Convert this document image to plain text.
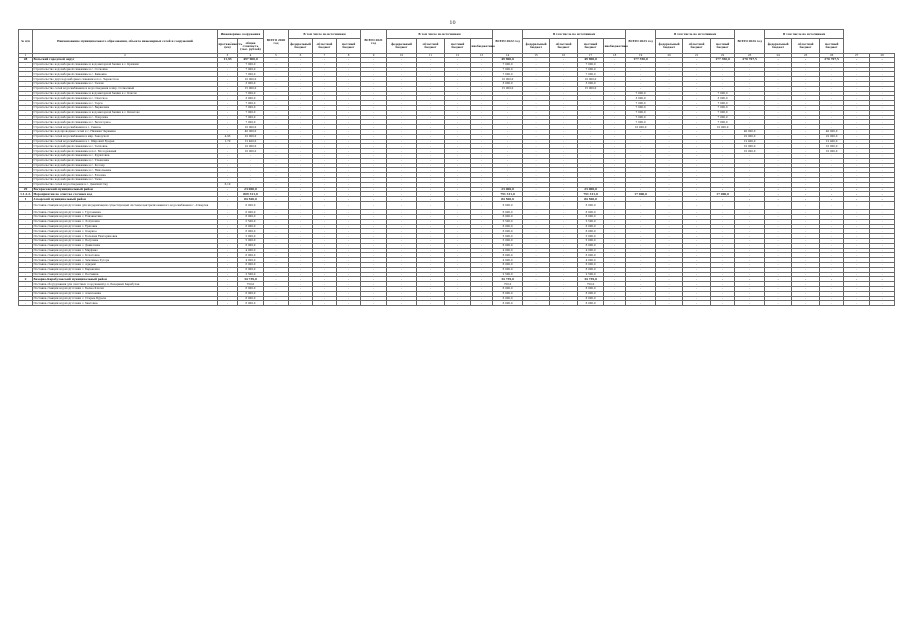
10
№ п/п	Наименование муниципального образования, объекта инженерных сетей и сооружений	Инженерные сооружения		ВСЕГО 2020 год	В том числе по источникам			ВСЕГО 2021 год	В том числе по источникам				ВСЕГО 2022 год	В том числе по источникам				ВСЕГО 2023 год	В том числе по источникам			ВСЕГО 2024 год	В том числе по источникам				
		протяжённость (км)	общая стоимость (тыс. рублей)		федеральный бюджет	областной бюджет	местный бюджет		федеральный бюджет	областной бюджет	местный бюджет	внебюджетные		федеральный бюджет	областной бюджет	местный бюджет	внебюджетные		федеральный бюджет	областной бюджет	местный бюджет		федеральный бюджет	областной бюджет	местный бюджет		
1	2	3	4	5	6	7	8	9	10	11	12	13	14	15	16	17	18	19	20	21	22	23	24	25	26	27	28
28	Вольский городской округ	11,93	497 900,0	-	-	-	-	-	-	-	-	-	49 900,0	-	-	49 900,0	-	177 350,0	-	-	177 350,0	270 767,5	-	-	270 767,5	-	-
-	Строительство водозаборной скважины и водонапорной башни в с. Кряжим	-	7 000,0	-	-	-	-	-	-	-	-	-	7 000,0	-	-	7 000,0	-	-	-	-	-	-	-	-	-	-	-
-	Строительство водозаборной скважины в с. Сосновка	-	7 000,0	-	-	-	-	-	-	-	-	-	7 000,0	-	-	7 000,0	-	-	-	-	-	-	-	-	-	-	-
-	Строительство водозаборной скважины в с. Каменка	-	7 000,0	-	-	-	-	-	-	-	-	-	7 000,0	-	-	7 000,0	-	-	-	-	-	-	-	-	-	-	-
-	Строительство двух водозаборных скважин в пос. Черкасское	-	10 000,0	-	-	-	-	-	-	-	-	-	10 000,0	-	-	10 000,0	-	-	-	-	-	-	-	-	-	-	-
-	Строительство водозаборной скважины в с. Талово	-	3 000,0	-	-	-	-	-	-	-	-	-	3 000,0	-	-	3 000,0	-	-	-	-	-	-	-	-	-	-	-
-	Строительство сетей водоснабжения и водоотведения в мкр. Солнечный	-	15 000,0	-	-	-	-	-	-	-	-	-	15 000,0	-	-	15 000,0	-	-	-	-	-	-	-	-	-	-	-
-	Строительство водозаборной скважины и водонапорной башни в с. Ключи	-	7 000,0	-	-	-	-	-	-	-	-	-	-	-	-	-	-	7 000,0	-	-	7 000,0	-	-	-	-	-	-
-	Строительство водозаборной скважины в с. Спасское	-	3 000,0	-	-	-	-	-	-	-	-	-	-	-	-	-	-	3 000,0	-	-	3 000,0	-	-	-	-	-	-
-	Строительство водозаборной скважины в с. Терса	-	7 000,0	-	-	-	-	-	-	-	-	-	-	-	-	-	-	7 000,0	-	-	7 000,0	-	-	-	-	-	-
-	Строительство водозаборной скважины в с. Барановка	-	7 000,0	-	-	-	-	-	-	-	-	-	-	-	-	-	-	7 000,0	-	-	7 000,0	-	-	-	-	-	-
-	Строительство водозаборной скважины и водонапорной башни в с. Кизатово	-	7 000,0	-	-	-	-	-	-	-	-	-	-	-	-	-	-	7 000,0	-	-	7 000,0	-	-	-	-	-	-
-	Строительство водозаборной скважины в с. Покровка	-	7 000,0	-	-	-	-	-	-	-	-	-	-	-	-	-	-	7 000,0	-	-	7 000,0	-	-	-	-	-	-
-	Строительство водозаборной скважины в с. Белогорное	-	7 000,0	-	-	-	-	-	-	-	-	-	-	-	-	-	-	7 000,0	-	-	7 000,0	-	-	-	-	-	-
-	Строительство сетей водоснабжения в с. Сенное	-	10 000,0	-	-	-	-	-	-	-	-	-	-	-	-	-	-	10 000,0	-	-	10 000,0	-	-	-	-	-	-
-	Строительство водопроводных сетей в с. Нижняя Чернавка	-	40 000,0	-	-	-	-	-	-	-	-	-	-	-	-	-	-	-	-	-	-	40 000,0	-	-	40 000,0	-	-
-	Строительство сетей водоснабжения в мкр. Заводской	4,93	22 000,0	-	-	-	-	-	-	-	-	-	-	-	-	-	-	-	-	-	-	22 000,0	-	-	22 000,0	-	-
-	Строительство сетей водоснабжения в с. Широкий Буерак	1,70	12 400,0	-	-	-	-	-	-	-	-	-	-	-	-	-	-	-	-	-	-	12 400,0	-	-	12 400,0	-	-
-	Строительство водозаборной скважины в с. Тепловка	-	10 000,0	-	-	-	-	-	-	-	-	-	-	-	-	-	-	-	-	-	-	10 000,0	-	-	10 000,0	-	-
-	Строительство водозаборной скважины в пос. Молодёжный	-	10 000,0	-	-	-	-	-	-	-	-	-	-	-	-	-	-	-	-	-	-	10 000,0	-	-	10 000,0	-	-
-	Строительство водозаборной скважины в с. Куриловка	-	-	-	-	-	-	-	-	-	-	-	-	-	-	-	-	-	-	-	-	-	-	-	-	-	-
-	Строительство водозаборной скважины в с. Ульяновка	-	-	-	-	-	-	-	-	-	-	-	-	-	-	-	-	-	-	-	-	-	-	-	-	-	-
-	Строительство водозаборной скважины в с. Колояр	-	-	-	-	-	-	-	-	-	-	-	-	-	-	-	-	-	-	-	-	-	-	-	-	-	-
-	Строительство водозаборной скважины в с. Николаевка	-	-	-	-	-	-	-	-	-	-	-	-	-	-	-	-	-	-	-	-	-	-	-	-	-	-
-	Строительство водозаборной скважины в с. Елховка	-	-	-	-	-	-	-	-	-	-	-	-	-	-	-	-	-	-	-	-	-	-	-	-	-	-
-	Строительство водозаборной скважины в с. Талы	-	-	-	-	-	-	-	-	-	-	-	-	-	-	-	-	-	-	-	-	-	-	-	-	-	-
-	Строительство сетей водоотведения в с. Девичий Сад	6,10	-	-	-	-	-	-	-	-	-	-	-	-	-	-	-	-	-	-	-	-	-	-	-	-	-
29	Воскресенский муниципальный район	-	23 000,0	-	-	-	-	-	-	-	-	-	23 000,0	-	-	23 000,0	-	-	-	-	-	-	-	-	-	-	-
1.1.2.2.	Мероприятия по очистке сточных вод	-	809 311,0	-	-	-	-	-	-	-	-	-	791 311,0	-	-	791 311,0	-	17 000,0	-	-	17 000,0	-	-	-	-	-	-
1	Аткарский муниципальный район	-	84 500,0	-	-	-	-	-	-	-	-	-	84 500,0	-	-	84 500,0	-	-	-	-	-	-	-	-	-	-	-
-	Поставка станции водоподготовки для модернизации существующей системы централизованного водоснабжения г. Аткарска	-	6 000,0	-	-	-	-	-	-	-	-	-	6 000,0	-	-	6 000,0	-	-	-	-	-	-	-	-	-	-	-
-	Поставка станции водоподготовки с. Тургеневка	-	6 000,0	-	-	-	-	-	-	-	-	-	6 000,0	-	-	6 000,0	-	-	-	-	-	-	-	-	-	-	-
-	Поставка станции водоподготовки с. Елизаветино	-	6 000,0	-	-	-	-	-	-	-	-	-	6 000,0	-	-	6 000,0	-	-	-	-	-	-	-	-	-	-	-
-	Поставка станции водоподготовки с. Лопуховка	-	5 500,0	-	-	-	-	-	-	-	-	-	5 500,0	-	-	5 500,0	-	-	-	-	-	-	-	-	-	-	-
-	Поставка станции водоподготовки с. Ершовка	-	6 000,0	-	-	-	-	-	-	-	-	-	6 000,0	-	-	6 000,0	-	-	-	-	-	-	-	-	-	-	-
-	Поставка станции водоподготовки с. Озерное	-	6 000,0	-	-	-	-	-	-	-	-	-	6 000,0	-	-	6 000,0	-	-	-	-	-	-	-	-	-	-	-
-	Поставка станции водоподготовки с. Большая Екатериновка	-	5 000,0	-	-	-	-	-	-	-	-	-	5 000,0	-	-	5 000,0	-	-	-	-	-	-	-	-	-	-	-
-	Поставка станции водоподготовки с. Петровка	-	5 000,0	-	-	-	-	-	-	-	-	-	5 000,0	-	-	5 000,0	-	-	-	-	-	-	-	-	-	-	-
-	Поставка станции водоподготовки с. Даниловка	-	6 000,0	-	-	-	-	-	-	-	-	-	6 000,0	-	-	6 000,0	-	-	-	-	-	-	-	-	-	-	-
-	Поставка станции водоподготовки с. Марфино	-	4 000,0	-	-	-	-	-	-	-	-	-	4 000,0	-	-	4 000,0	-	-	-	-	-	-	-	-	-	-	-
-	Поставка станции водоподготовки с. Кочетовка	-	6 000,0	-	-	-	-	-	-	-	-	-	6 000,0	-	-	6 000,0	-	-	-	-	-	-	-	-	-	-	-
-	Поставка станции водоподготовки с. Земляные Хутора	-	4 000,0	-	-	-	-	-	-	-	-	-	4 000,0	-	-	4 000,0	-	-	-	-	-	-	-	-	-	-	-
-	Поставка станции водоподготовки с. Ададым	-	6 000,0	-	-	-	-	-	-	-	-	-	6 000,0	-	-	6 000,0	-	-	-	-	-	-	-	-	-	-	-
-	Поставка станции водоподготовки с. Барановка	-	6 000,0	-	-	-	-	-	-	-	-	-	6 000,0	-	-	6 000,0	-	-	-	-	-	-	-	-	-	-	-
-	Поставка станции водоподготовки с. Песчанка	-	2 500,0	-	-	-	-	-	-	-	-	-	2 500,0	-	-	2 500,0	-	-	-	-	-	-	-	-	-	-	-
2	Базарно-Карабулакский муниципальный район	-	34 739,0	-	-	-	-	-	-	-	-	-	34 739,0	-	-	34 739,0	-	-	-	-	-	-	-	-	-	-	-
-	Поставка оборудования для очистных сооружений р.п. Базарный Карабулак	-	750,0	-	-	-	-	-	-	-	-	-	750,0	-	-	750,0	-	-	-	-	-	-	-	-	-	-	-
-	Поставка станции водоподготовки с. Белые Ключи	-	6 000,0	-	-	-	-	-	-	-	-	-	6 000,0	-	-	6 000,0	-	-	-	-	-	-	-	-	-	-	-
-	Поставка станции водоподготовки с. Алексеевка	-	6 000,0	-	-	-	-	-	-	-	-	-	6 000,0	-	-	6 000,0	-	-	-	-	-	-	-	-	-	-	-
-	Поставка станции водоподготовки с. Старые Бурасы	-	6 000,0	-	-	-	-	-	-	-	-	-	6 000,0	-	-	6 000,0	-	-	-	-	-	-	-	-	-	-	-
-	Поставка станции водоподготовки с. Хватовка	-	6 000,0	-	-	-	-	-	-	-	-	-	6 000,0	-	-	6 000,0	-	-	-	-	-	-	-	-	-	-	-
